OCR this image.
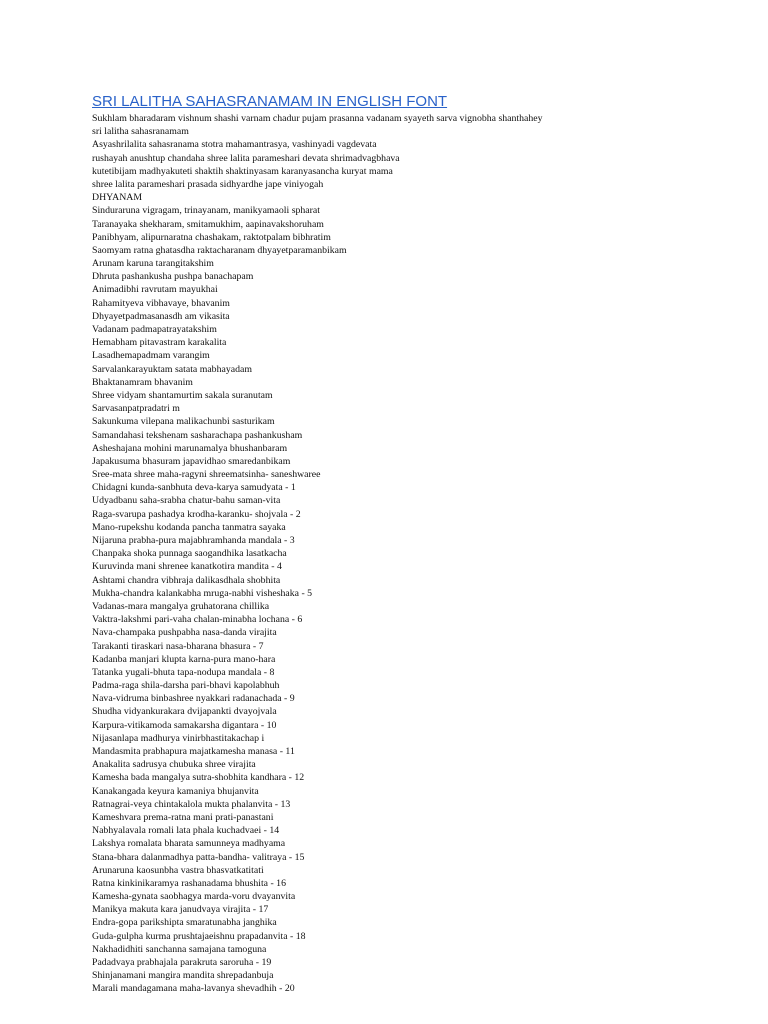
SRI LALITHA SAHASRANAMAM IN ENGLISH FONT
Sukhlam bharadaram vishnum shashi varnam chadur pujam prasanna vadanam syayeth sarva vignobha shanthahey
sri lalitha sahasranamam
Asyashrilalita sahasranama stotra mahamantrasya, vashinyadi vagdevata
rushayah anushtup chandaha shree lalita parameshari devata shrimadvagbhava
kutetibijam madhyakuteti shaktih shaktinyasam karanyasancha kuryat mama
shree lalita parameshari prasada sidhyardhe jape viniyogah
DHYANAM
Sinduraruna vigragam, trinayanam, manikyamaoli spharat
Taranayaka shekharam, smitamukhim, aapinavakshoruham
Panibhyam, alipurnaratna chashakam, raktotpalam bibhratim
Saomyam ratna ghatasdha raktacharanam dhyayetparamanbikam
Arunam karuna tarangitakshim
Dhruta pashankusha pushpa banachapam
Animadibhi ravrutam mayukhai
Rahamityeva vibhavaye, bhavanim
Dhyayetpadmasanasdh am vikasita
Vadanam padmapatrayatakshim
Hemabham pitavastram karakalita
Lasadhemapadmam varangim
Sarvalankarayuktam satata mabhayadam
Bhaktanamram bhavanim
Shree vidyam shantamurtim sakala suranutam
Sarvasanpatpradatri m
Sakunkuma vilepana malikachunbi sasturikam
Samandahasi tekshenam sasharachapa pashankusham
Asheshajana mohini marunamalya bhushanbaram
Japakusuma bhasuram japavidhao smaredanbikam
Sree-mata shree maha-ragyni shreematsinha- saneshwaree
Chidagni kunda-sanbhuta deva-karya samudyata - 1
Udyadbanu saha-srabha chatur-bahu saman-vita
Raga-svarupa pashadya krodha-karanku- shojvala - 2
Mano-rupekshu kodanda pancha tanmatra sayaka
Nijaruna prabha-pura majabhramhanda mandala - 3
Chanpaka shoka punnaga saogandhika lasatkacha
Kuruvinda mani shrenee kanatkotira mandita - 4
Ashtami chandra vibhraja dalikasdhala shobhita
Mukha-chandra kalankabha mruga-nabhi visheshaka - 5
Vadanas-mara mangalya gruhatorana chillika
Vaktra-lakshmi pari-vaha chalan-minabha lochana - 6
Nava-champaka pushpabha nasa-danda virajita
Tarakanti tiraskari nasa-bharana bhasura - 7
Kadanba manjari klupta karna-pura mano-hara
Tatanka yugali-bhuta tapa-nodupa mandala - 8
Padma-raga shila-darsha pari-bhavi kapolabhuh
Nava-vidruma binbashree nyakkari radanachada - 9
Shudha vidyankurakara dvijapankti dvayojvala
Karpura-vitikamoda samakarsha digantara - 10
Nijasanlapa madhurya vinirbhastitakachap i
Mandasmita prabhapura majatkamesha manasa - 11
Anakalita sadrusya chubuka shree virajita
Kamesha bada mangalya sutra-shobhita kandhara - 12
Kanakangada keyura kamaniya bhujanvita
Ratnagrai-veya chintakalola mukta phalanvita - 13
Kameshvara prema-ratna mani prati-panastani
Nabhyalavala romali lata phala kuchadvaei - 14
Lakshya romalata bharata samunneya madhyama
Stana-bhara dalanmadhya patta-bandha- valitraya - 15
Arunaruna kaosunbha vastra bhasvatkatitati
Ratna kinkinikaramya rashanadama bhushita - 16
Kamesha-gynata saobhagya marda-voru dvayanvita
Manikya makuta kara janudvaya virajita - 17
Endra-gopa parikshipta smaratunabha janghika
Guda-gulpha kurma prushtajaeishnu prapadanvita - 18
Nakhadidhiti sanchanna samajana tamoguna
Padadvaya prabhajala parakruta saroruha - 19
Shinjanamani mangira mandita shrepadanbuja
Marali mandagamana maha-lavanya shevadhih - 20
